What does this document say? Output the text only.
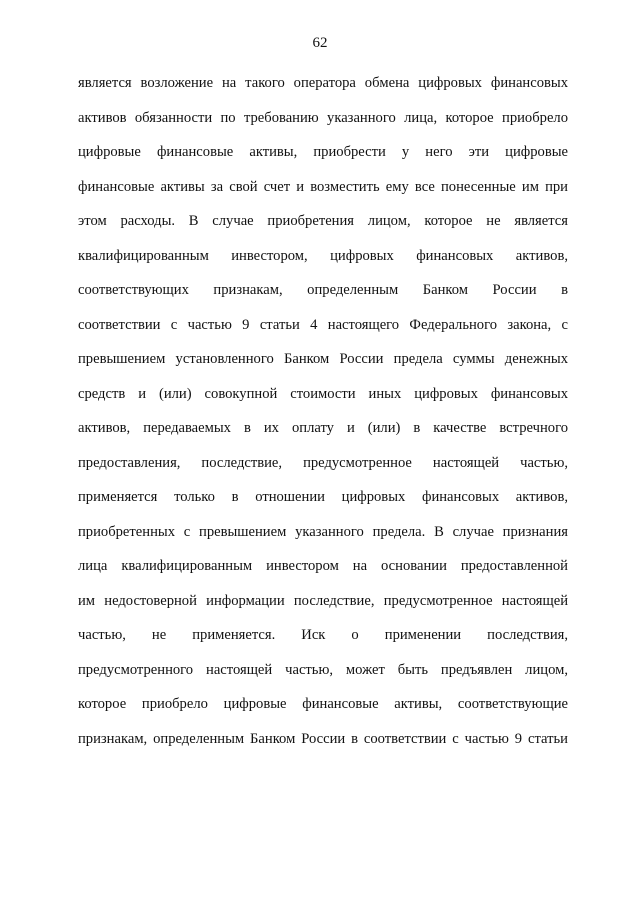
62
является возложение на такого оператора обмена цифровых финансовых
активов обязанности по требованию указанного лица, которое приобрело
цифровые финансовые активы, приобрести у него эти цифровые
финансовые активы за свой счет и возместить ему все понесенные им при
этом расходы. В случае приобретения лицом, которое не является
квалифицированным инвестором, цифровых финансовых активов,
соответствующих признакам, определенным Банком России в
соответствии с частью 9 статьи 4 настоящего Федерального закона, с
превышением установленного Банком России предела суммы денежных
средств и (или) совокупной стоимости иных цифровых финансовых
активов, передаваемых в их оплату и (или) в качестве встречного
предоставления, последствие, предусмотренное настоящей частью,
применяется только в отношении цифровых финансовых активов,
приобретенных с превышением указанного предела. В случае признания
лица квалифицированным инвестором на основании предоставленной
им недостоверной информации последствие, предусмотренное настоящей
частью, не применяется. Иск о применении последствия,
предусмотренного настоящей частью, может быть предъявлен лицом,
которое приобрело цифровые финансовые активы, соответствующие
признакам, определенным Банком России в соответствии с частью 9 статьи
